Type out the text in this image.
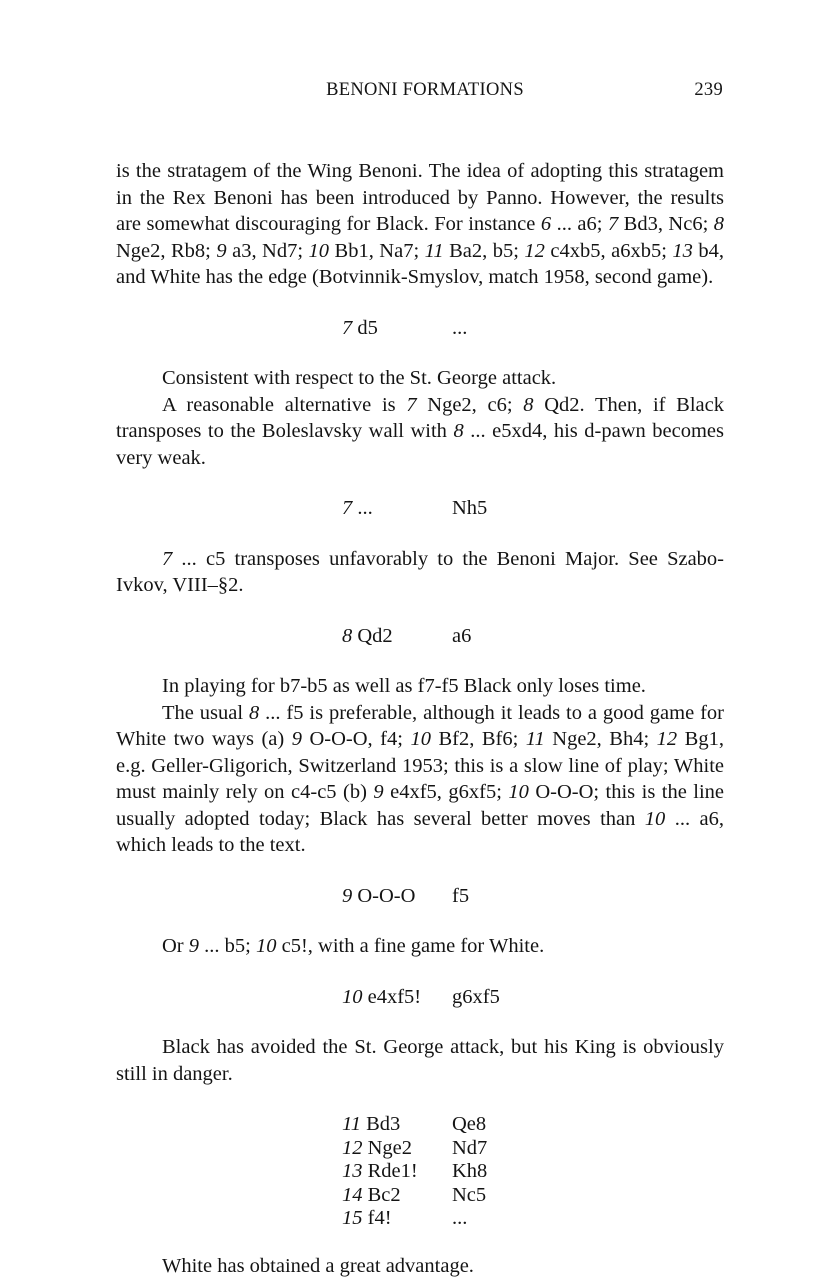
BENONI FORMATIONS	239

is the stratagem of the Wing Benoni. The idea of adopting this stratagem in the Rex Benoni has been introduced by Panno. However, the results are somewhat discouraging for Black. For instance 6 ... a6; 7 Bd3, Nc6; 8 Nge2, Rb8; 9 a3, Nd7; 10 Bb1, Na7; 11 Ba2, b5; 12 c4xb5, a6xb5; 13 b4, and White has the edge (Botvinnik-Smyslov, match 1958, second game).

7 d5	...

Consistent with respect to the St. George attack.

A reasonable alternative is 7 Nge2, c6; 8 Qd2. Then, if Black transposes to the Boleslavsky wall with 8 ... e5xd4, his d-pawn becomes very weak.

7 ...	Nh5

7 ... c5 transposes unfavorably to the Benoni Major. See Szabo-Ivkov, VIII–§2.

8 Qd2	a6

In playing for b7-b5 as well as f7-f5 Black only loses time.

The usual 8 ... f5 is preferable, although it leads to a good game for White two ways (a) 9 O-O-O, f4; 10 Bf2, Bf6; 11 Nge2, Bh4; 12 Bg1, e.g. Geller-Gligorich, Switzerland 1953; this is a slow line of play; White must mainly rely on c4-c5 (b) 9 e4xf5, g6xf5; 10 O-O-O; this is the line usually adopted today; Black has several better moves than 10 ... a6, which leads to the text.

9 O-O-O	f5

Or 9 ... b5; 10 c5!, with a fine game for White.

10 e4xf5!	g6xf5

Black has avoided the St. George attack, but his King is obviously still in danger.

11 Bd3	Qe8
12 Nge2	Nd7
13 Rde1!	Kh8
14 Bc2	Nc5
15 f4!	...

White has obtained a great advantage.
